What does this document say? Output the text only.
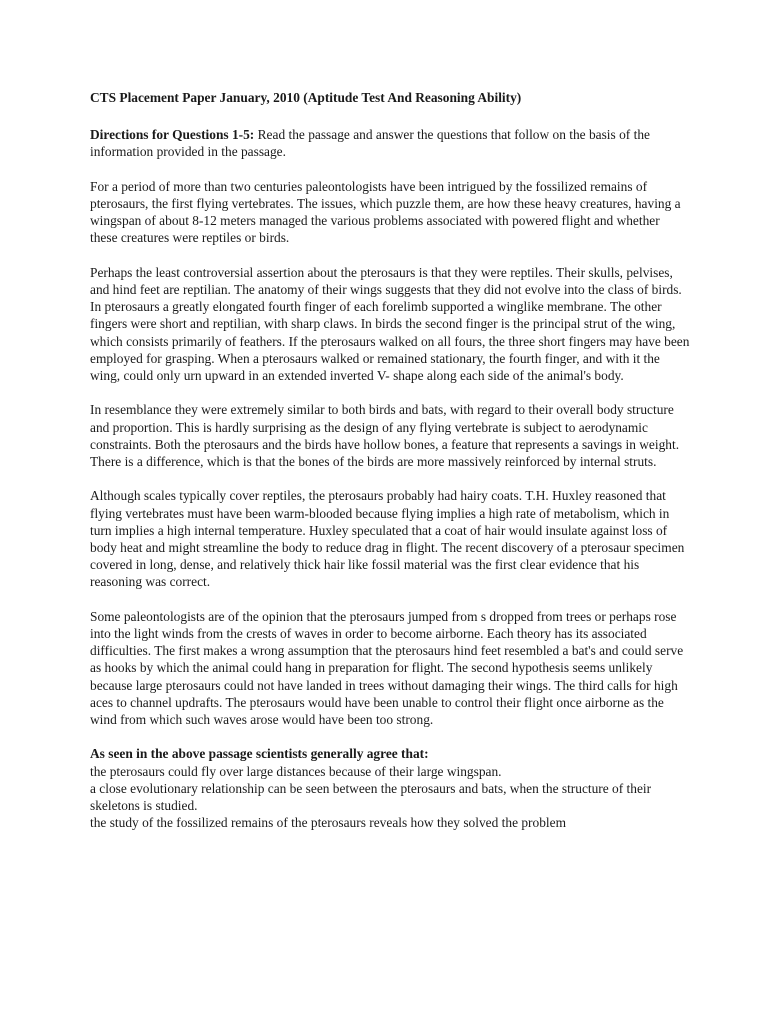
CTS Placement Paper January, 2010 (Aptitude Test And Reasoning Ability)

Directions for Questions 1-5: Read the passage and answer the questions that follow on the basis of the information provided in the passage.

For a period of more than two centuries paleontologists have been intrigued by the fossilized remains of pterosaurs, the first flying vertebrates. The issues, which puzzle them, are how these heavy creatures, having a wingspan of about 8-12 meters managed the various problems associated with powered flight and whether these creatures were reptiles or birds.

Perhaps the least controversial assertion about the pterosaurs is that they were reptiles. Their skulls, pelvises, and hind feet are reptilian. The anatomy of their wings suggests that they did not evolve into the class of birds. In pterosaurs a greatly elongated fourth finger of each forelimb supported a winglike membrane. The other fingers were short and reptilian, with sharp claws. In birds the second finger is the principal strut of the wing, which consists primarily of feathers. If the pterosaurs walked on all fours, the three short fingers may have been employed for grasping. When a pterosaurs walked or remained stationary, the fourth finger, and with it the wing, could only urn upward in an extended inverted V- shape along each side of the animal's body.

In resemblance they were extremely similar to both birds and bats, with regard to their overall body structure and proportion. This is hardly surprising as the design of any flying vertebrate is subject to aerodynamic constraints. Both the pterosaurs and the birds have hollow bones, a feature that represents a savings in weight. There is a difference, which is that the bones of the birds are more massively reinforced by internal struts.

Although scales typically cover reptiles, the pterosaurs probably had hairy coats. T.H. Huxley reasoned that flying vertebrates must have been warm-blooded because flying implies a high rate of metabolism, which in turn implies a high internal temperature. Huxley speculated that a coat of hair would insulate against loss of body heat and might streamline the body to reduce drag in flight. The recent discovery of a pterosaur specimen covered in long, dense, and relatively thick hair like fossil material was the first clear evidence that his reasoning was correct.

Some paleontologists are of the opinion that the pterosaurs jumped from s dropped from trees or perhaps rose into the light winds from the crests of waves in order to become airborne. Each theory has its associated difficulties. The first makes a wrong assumption that the pterosaurs hind feet resembled a bat's and could serve as hooks by which the animal could hang in preparation for flight. The second hypothesis seems unlikely because large pterosaurs could not have landed in trees without damaging their wings. The third calls for high aces to channel updrafts. The pterosaurs would have been unable to control their flight once airborne as the wind from which such waves arose would have been too strong.

As seen in the above passage scientists generally agree that:
the pterosaurs could fly over large distances because of their large wingspan.
a close evolutionary relationship can be seen between the pterosaurs and bats, when the structure of their skeletons is studied.
the study of the fossilized remains of the pterosaurs reveals how they solved the problem
